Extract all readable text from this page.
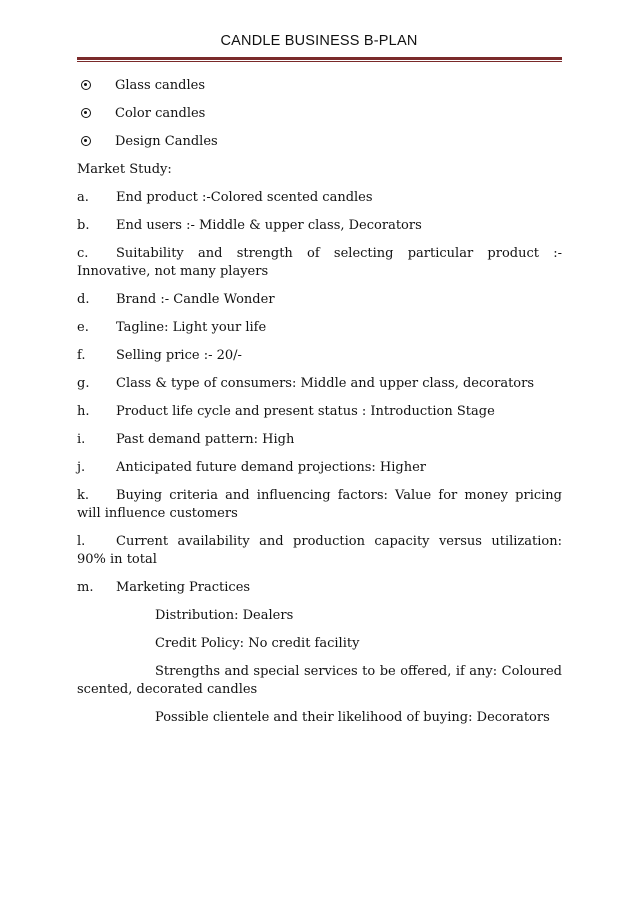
CANDLE BUSINESS B-PLAN
Glass candles
Color candles
Design Candles

Market Study:

a. End product :-Colored scented candles
b. End users :- Middle & upper class, Decorators
c. Suitability and strength of selecting particular product :- Innovative, not many players
d. Brand :- Candle Wonder
e. Tagline: Light your life
f. Selling price :- 20/-
g. Class & type of consumers: Middle and upper class, decorators
h. Product life cycle and present status : Introduction Stage
i. Past demand pattern: High
j. Anticipated future demand projections: Higher
k. Buying criteria and influencing factors: Value for money pricing will influence customers
l. Current availability and production capacity versus utilization: 90% in total
m. Marketing Practices

Distribution: Dealers

Credit Policy: No credit facility

Strengths and special services to be offered, if any: Coloured scented, decorated candles

Possible clientele and their likelihood of buying: Decorators
